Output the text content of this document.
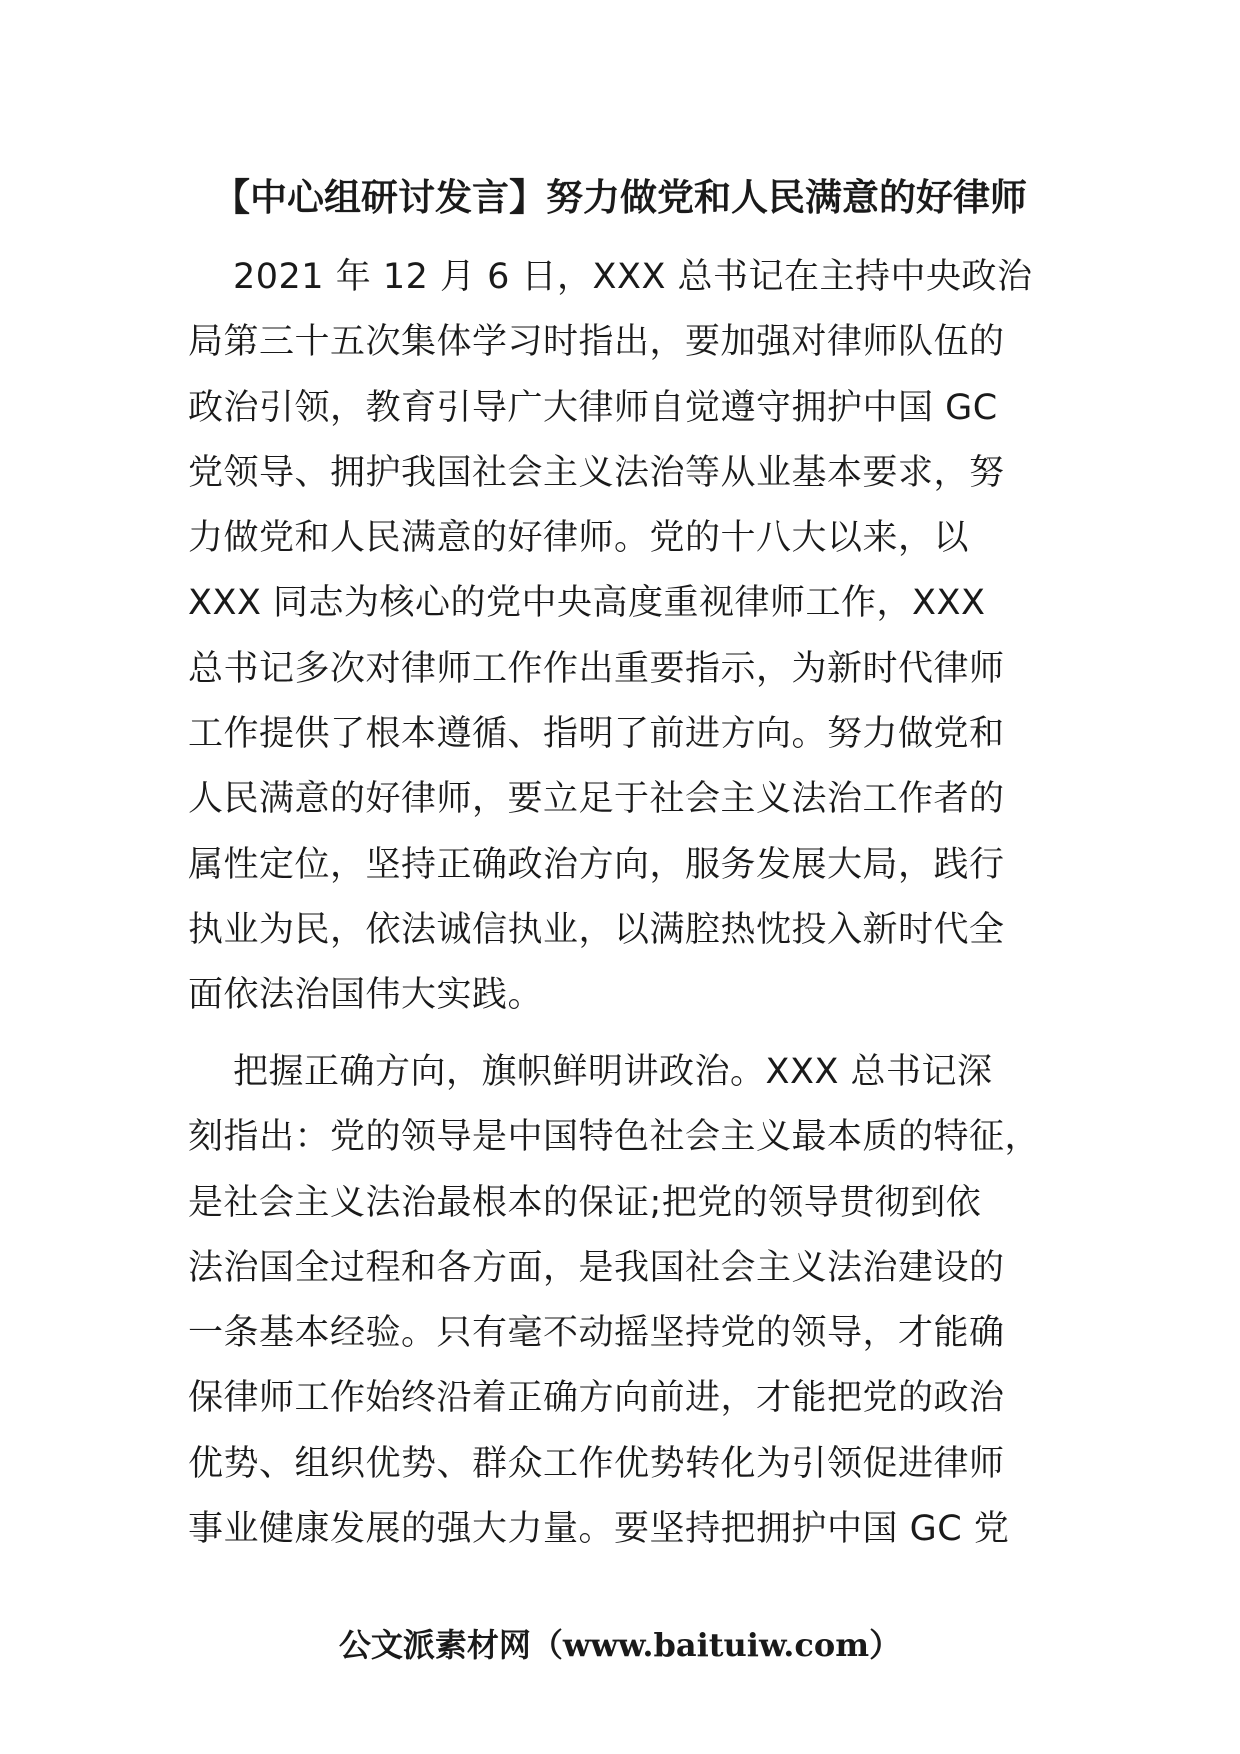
【中心组研讨发言】努力做党和人民满意的好律师
2021 年 12 月 6 日，XXX 总书记在主持中央政治
局第三十五次集体学习时指出，要加强对律师队伍的
政治引领，教育引导广大律师自觉遵守拥护中国 GC
党领导、拥护我国社会主义法治等从业基本要求，努
力做党和人民满意的好律师。党的十八大以来，以
XXX 同志为核心的党中央高度重视律师工作，XXX
总书记多次对律师工作作出重要指示，为新时代律师
工作提供了根本遵循、指明了前进方向。努力做党和
人民满意的好律师，要立足于社会主义法治工作者的
属性定位，坚持正确政治方向，服务发展大局，践行
执业为民，依法诚信执业，以满腔热忱投入新时代全
面依法治国伟大实践。
把握正确方向，旗帜鲜明讲政治。XXX 总书记深
刻指出：党的领导是中国特色社会主义最本质的特征，
是社会主义法治最根本的保证;把党的领导贯彻到依
法治国全过程和各方面，是我国社会主义法治建设的
一条基本经验。只有毫不动摇坚持党的领导，才能确
保律师工作始终沿着正确方向前进，才能把党的政治
优势、组织优势、群众工作优势转化为引领促进律师
事业健康发展的强大力量。要坚持把拥护中国 GC 党
公文派素材网（www.baituiw.com）
